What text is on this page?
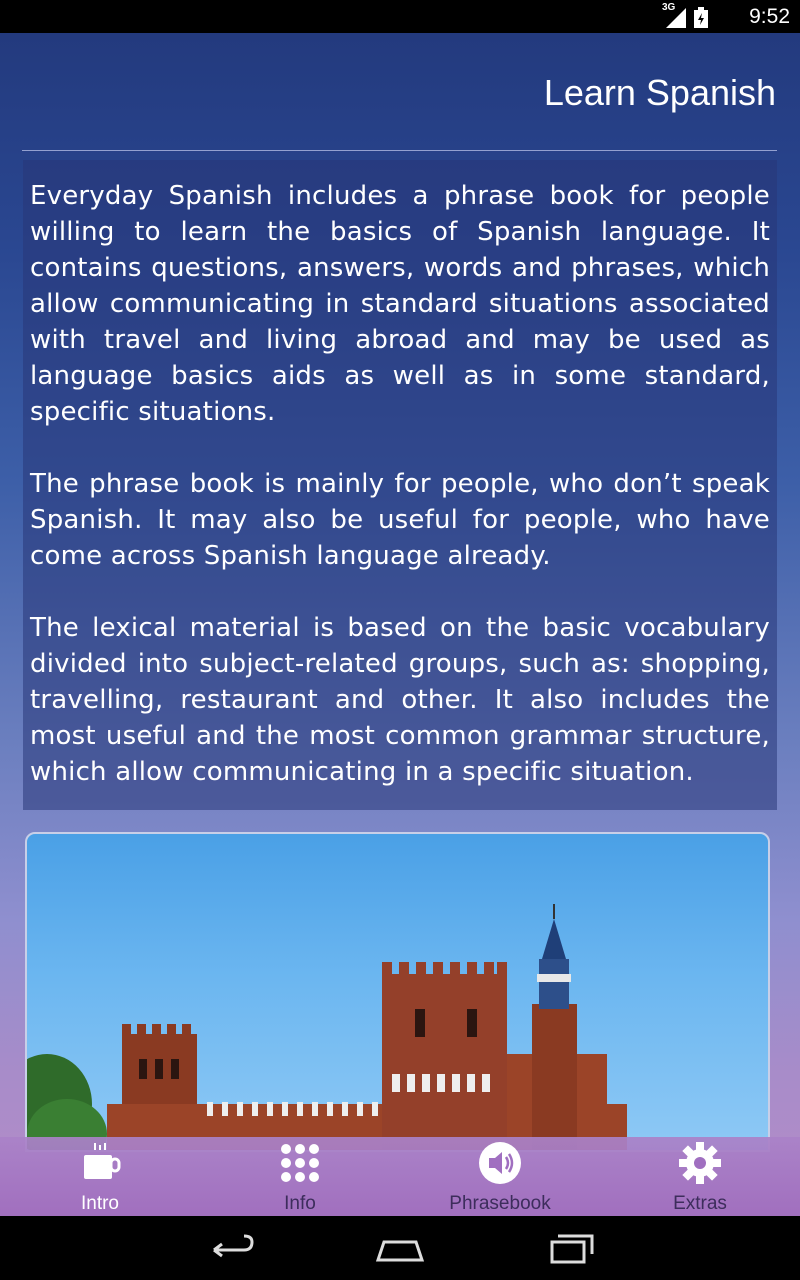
3G	9:52
Learn Spanish

Everyday Spanish includes a phrase book for people willing to learn the basics of Spanish language. It contains questions, answers, words and phrases, which allow communicating in standard situations associated with travel and living abroad and may be used as language basics aids as well as in some standard, specific situations.

The phrase book is mainly for people, who don’t speak Spanish. It may also be useful for people, who have come across Spanish language already.

The lexical material is based on the basic vocabulary divided into subject-related groups, such as: shopping, travelling, restaurant and other. It also includes the most useful and the most common grammar structure, which allow communicating in a specific situation.

Intro	Info	Phrasebook	Extras
